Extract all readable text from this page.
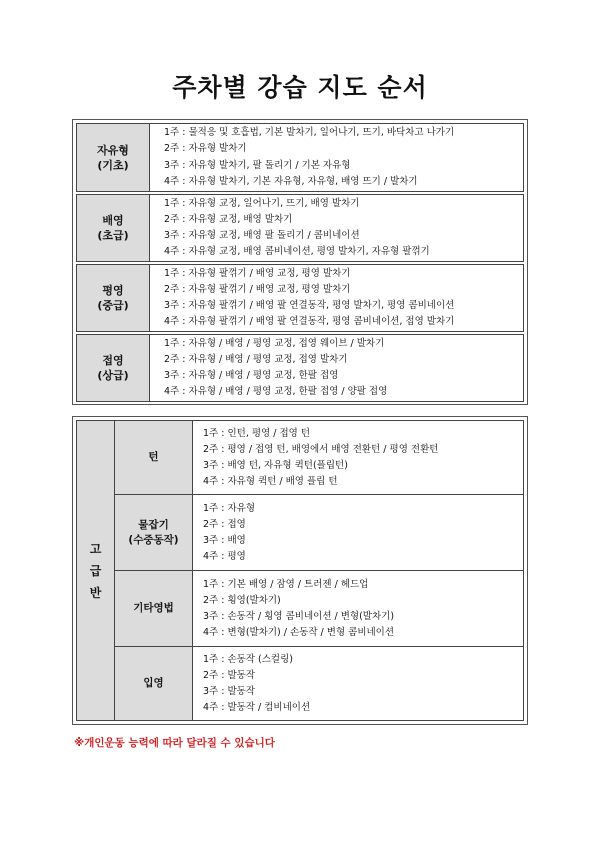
주차별 강습 지도 순서
자유형
(기초)
1주 : 물적응 및 호흡법, 기본 발차기, 일어나기, 뜨기, 바닥차고 나가기
2주 : 자유형 발차기
3주 : 자유형 발차기, 팔 돌리기 / 기본 자유형
4주 : 자유형 발차기, 기본 자유형, 자유형, 배영 뜨기 / 발차기
배영
(초급)
1주 : 자유형 교정, 일어나기, 뜨기, 배영 발차기
2주 : 자유형 교정, 배영 발차기
3주 : 자유형 교정, 배영 팔 돌리기 / 콤비네이션
4주 : 자유형 교정, 배영 콤비네이션, 평영 발차기, 자유형 팔꺾기
평영
(중급)
1주 : 자유형 팔꺾기 / 배영 교정, 평영 발차기
2주 : 자유형 팔꺾기 / 배영 교정, 평영 발차기
3주 : 자유형 팔꺾기 / 배영 팔 연결동작, 평영 발차기, 평영 콤비네이션
4주 : 자유형 팔꺾기 / 배영 팔 연결동작, 평영 콤비네이션, 접영 발차기
접영
(상급)
1주 : 자유형 / 배영 / 평영 교정, 접영 웨이브 / 발차기
2주 : 자유형 / 배영 / 평영 교정, 접영 발차기
3주 : 자유형 / 배영 / 평영 교정, 한팔 접영
4주 : 자유형 / 배영 / 평영 교정, 한팔 접영 / 양팔 접영
고
급
반
턴
1주 : 인턴, 평영 / 접영 턴
2주 : 평영 / 접영 턴, 배영에서 배영 전환턴 / 평영 전환턴
3주 : 배영 턴, 자유형 퀵턴(플립턴)
4주 : 자유형 퀵턴 / 배영 플립 턴
물잡기
(수중동작)
1주 : 자유형
2주 : 접영
3주 : 배영
4주 : 평영
기타영법
1주 : 기본 배영 / 잠영 / 트러젠 / 헤드업
2주 : 횡영(발차기)
3주 : 손동작 / 횡영 콤비네이션 / 변형(발차기)
4주 : 변형(발차기) / 손동작 / 변형 콤비네이션
입영
1주 : 손동작 (스컬링)
2주 : 발동작
3주 : 발동작
4주 : 발동작 / 컴비네이션
※개인운동 능력에 따라 달라질 수 있습니다
